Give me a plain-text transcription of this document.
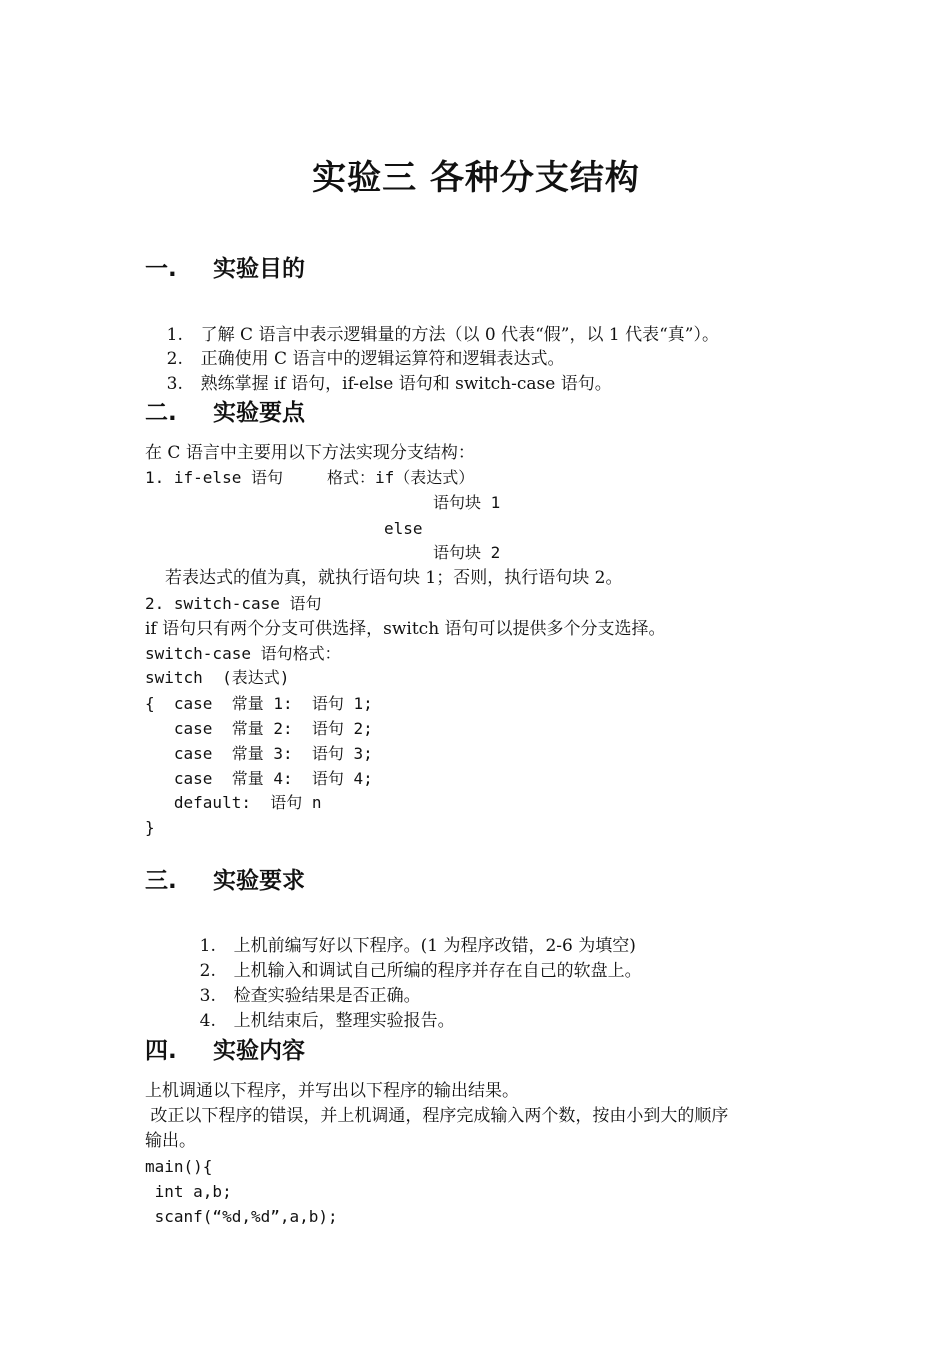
实验三 各种分支结构
一. 实验目的

1. 了解 C 语言中表示逻辑量的方法（以 0 代表“假”，以 1 代表“真”）。

2. 正确使用 C 语言中的逻辑运算符和逻辑表达式。

3. 熟练掌握 if 语句，if-else 语句和 switch-case 语句。

二. 实验要点
在 C 语言中主要用以下方法实现分支结构：
1. if-else 语句	格式：if（表达式）
语句块 1
else
语句块 2
若表达式的值为真，就执行语句块 1；否则，执行语句块 2。
2. switch-case 语句
if 语句只有两个分支可供选择，switch 语句可以提供多个分支选择。
switch-case 语句格式：
switch  (表达式)
{  case  常量 1:  语句 1;
case  常量 2:  语句 2;
case  常量 3:  语句 3;
case  常量 4:  语句 4;
default:  语句 n
}
三. 实验要求

1. 上机前编写好以下程序。(1 为程序改错，2-6 为填空)

2. 上机输入和调试自己所编的程序并存在自己的软盘上。

3. 检查实验结果是否正确。

4. 上机结束后，整理实验报告。

四. 实验内容
上机调通以下程序，并写出以下程序的输出结果。
改正以下程序的错误，并上机调通，程序完成输入两个数，按由小到大的顺序
输出。
main(){
int a,b;
scanf(“%d,%d”,a,b);
